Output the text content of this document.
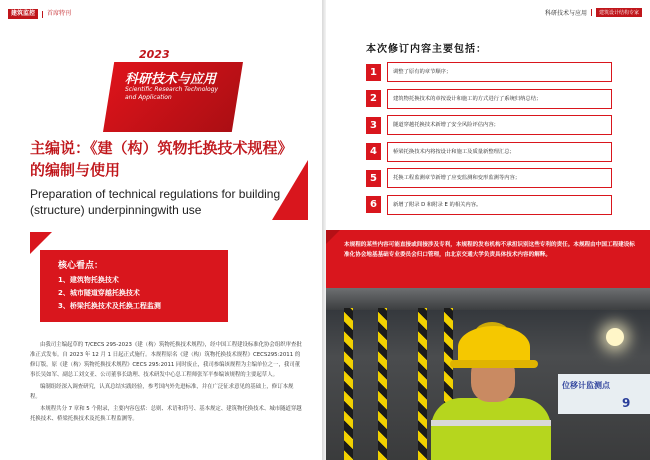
建筑监控	首席特刊
2023
科研技术与应用
Scientific Research Technology and Application
主编说：《建（构）筑物托换技术规程》的编制与使用
Preparation of technical regulations for building (structure) underpinningwith use
核心看点：
1、建筑物托换技术
2、城市隧道穿越托换技术
3、桥梁托换技术及托换工程监测

由我司主编起草的 T/CECS 295-2023《建（构）筑物托换技术规程》，经中国工程建设标准化协会组织审查批准正式发布。自 2023 年 12 月 1 日起正式施行。本规程原名《建（构）筑物托换技术规程》CECS295:2011 的修订版，原《建（构）筑物托换技术规程》CECS 295:2011 同时废止，我司参编该规程为主编单位之一，我司董事长吴如军、副总工刘文亚、公司董事长助理、技术研发中心总工程师张军平参编该规程的主要起草人。

编制组经深入调查研究，认真总结实践经验，参考国内外先进标准，并在广泛征求意见的基础上，修订本规程。

本规程共分 7 章和 5 个附录，主要内容包括：总则、术语和符号、基本规定、建筑物托换技术、城市隧道穿越托换技术、桥梁托换技术及托换工程监测等。

科研技术与应用	建筑设计结构专家
本次修订内容主要包括：
1	调整了原有的章节顺序；
2	建筑物托换技术的章按设计和施工的方式进行了系统归纳总结；
3	隧道穿越托换技术新增了安全风险评估内容；
4	桥梁托换技术内将按设计和施工及质量新整理汇总；
5	托换工程监测章节新增了应变监测和变形监测等内容；
6	新增了附录 D 和附录 E 的相关内容。
本规程的某些内容可能直接或间接涉及专利，本规程的发布机构不承担识别这些专利的责任。本规程由中国工程建设标准化协会地基基础专业委员会归口管理，由北京交通大学负责具体技术内容的解释。
位移计监测点
9
